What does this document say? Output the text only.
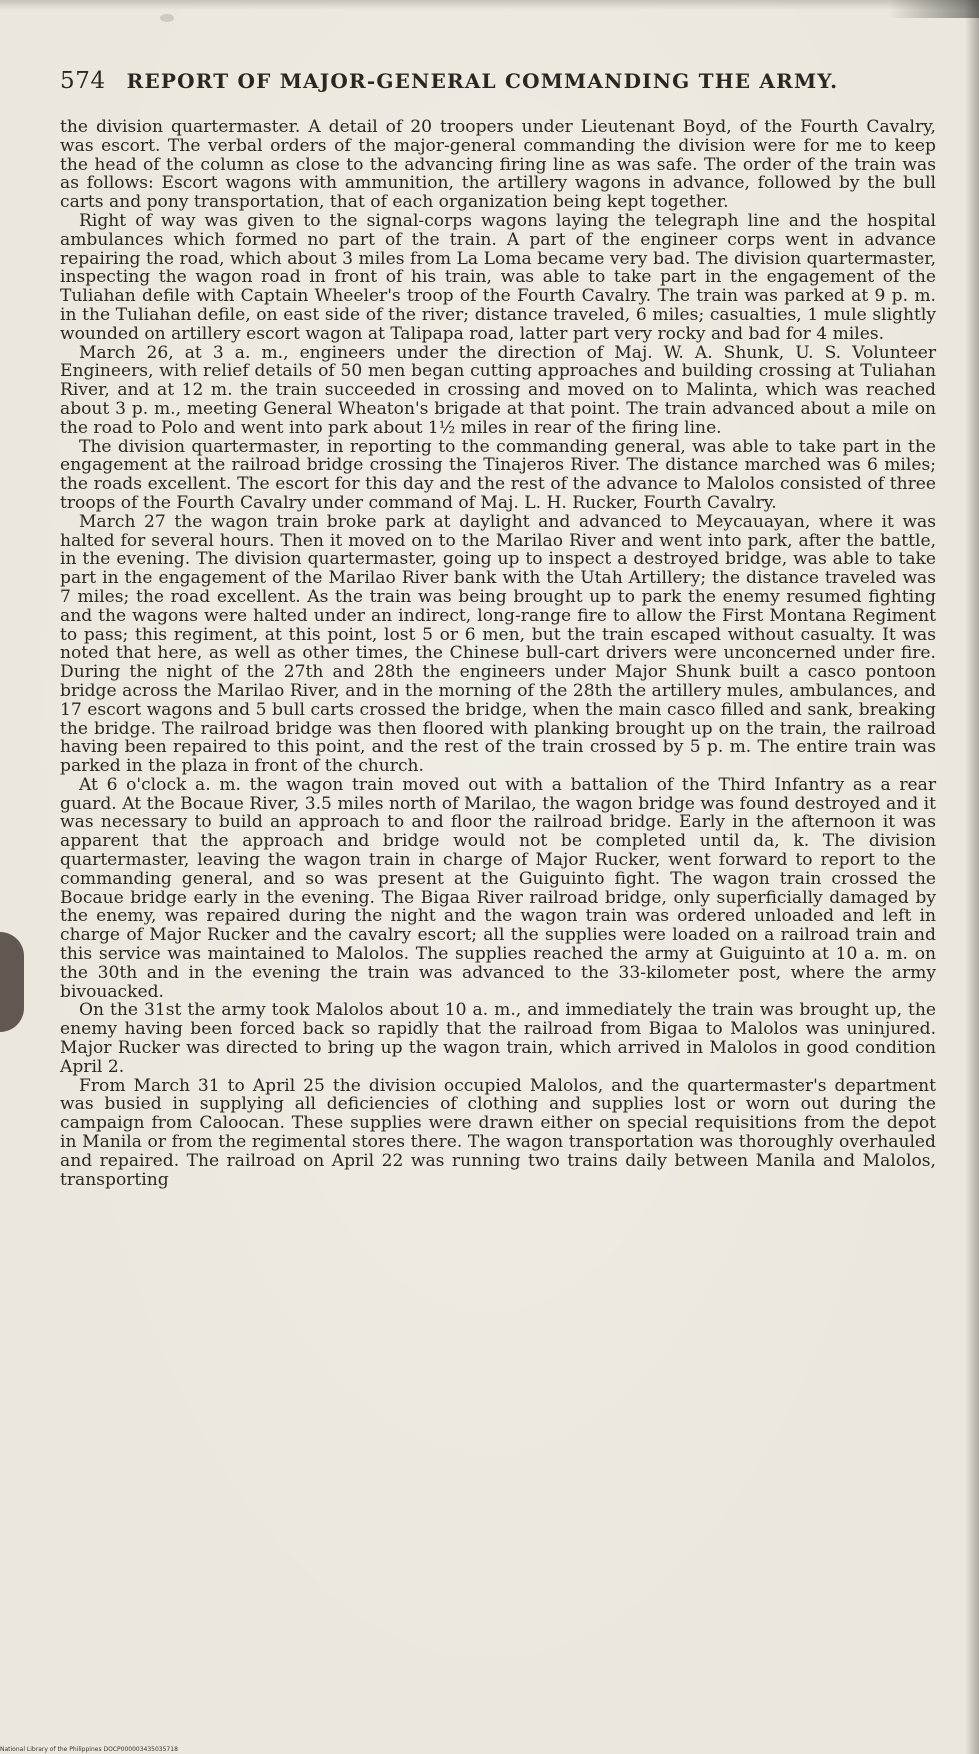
574 REPORT OF MAJOR-GENERAL COMMANDING THE ARMY.

the division quartermaster. A detail of 20 troopers under Lieutenant Boyd, of the Fourth Cavalry, was escort. The verbal orders of the major-general commanding the division were for me to keep the head of the column as close to the advancing firing line as was safe. The order of the train was as follows: Escort wagons with ammunition, the artillery wagons in advance, followed by the bull carts and pony transportation, that of each organization being kept together.

Right of way was given to the signal-corps wagons laying the telegraph line and the hospital ambulances which formed no part of the train. A part of the engineer corps went in advance repairing the road, which about 3 miles from La Loma became very bad. The division quartermaster, inspecting the wagon road in front of his train, was able to take part in the engagement of the Tuliahan defile with Captain Wheeler's troop of the Fourth Cavalry. The train was parked at 9 p. m. in the Tuliahan defile, on east side of the river; distance traveled, 6 miles; casualties, 1 mule slightly wounded on artillery escort wagon at Talipapa road, latter part very rocky and bad for 4 miles.

March 26, at 3 a. m., engineers under the direction of Maj. W. A. Shunk, U. S. Volunteer Engineers, with relief details of 50 men began cutting approaches and building crossing at Tuliahan River, and at 12 m. the train succeeded in crossing and moved on to Malinta, which was reached about 3 p. m., meeting General Wheaton's brigade at that point. The train advanced about a mile on the road to Polo and went into park about 1½ miles in rear of the firing line.

The division quartermaster, in reporting to the commanding general, was able to take part in the engagement at the railroad bridge crossing the Tinajeros River. The distance marched was 6 miles; the roads excellent. The escort for this day and the rest of the advance to Malolos consisted of three troops of the Fourth Cavalry under command of Maj. L. H. Rucker, Fourth Cavalry.

March 27 the wagon train broke park at daylight and advanced to Meycauayan, where it was halted for several hours. Then it moved on to the Marilao River and went into park, after the battle, in the evening. The division quartermaster, going up to inspect a destroyed bridge, was able to take part in the engagement of the Marilao River bank with the Utah Artillery; the distance traveled was 7 miles; the road excellent. As the train was being brought up to park the enemy resumed fighting and the wagons were halted under an indirect, long-range fire to allow the First Montana Regiment to pass; this regiment, at this point, lost 5 or 6 men, but the train escaped without casualty. It was noted that here, as well as other times, the Chinese bull-cart drivers were unconcerned under fire. During the night of the 27th and 28th the engineers under Major Shunk built a casco pontoon bridge across the Marilao River, and in the morning of the 28th the artillery mules, ambulances, and 17 escort wagons and 5 bull carts crossed the bridge, when the main casco filled and sank, breaking the bridge. The railroad bridge was then floored with planking brought up on the train, the railroad having been repaired to this point, and the rest of the train crossed by 5 p. m. The entire train was parked in the plaza in front of the church.

At 6 o'clock a. m. the wagon train moved out with a battalion of the Third Infantry as a rear guard. At the Bocaue River, 3.5 miles north of Marilao, the wagon bridge was found destroyed and it was necessary to build an approach to and floor the railroad bridge. Early in the afternoon it was apparent that the approach and bridge would not be completed until da, k. The division quartermaster, leaving the wagon train in charge of Major Rucker, went forward to report to the commanding general, and so was present at the Guiguinto fight. The wagon train crossed the Bocaue bridge early in the evening. The Bigaa River railroad bridge, only superficially damaged by the enemy, was repaired during the night and the wagon train was ordered unloaded and left in charge of Major Rucker and the cavalry escort; all the supplies were loaded on a railroad train and this service was maintained to Malolos. The supplies reached the army at Guiguinto at 10 a. m. on the 30th and in the evening the train was advanced to the 33-kilometer post, where the army bivouacked.

On the 31st the army took Malolos about 10 a. m., and immediately the train was brought up, the enemy having been forced back so rapidly that the railroad from Bigaa to Malolos was uninjured. Major Rucker was directed to bring up the wagon train, which arrived in Malolos in good condition April 2.

From March 31 to April 25 the division occupied Malolos, and the quartermaster's department was busied in supplying all deficiencies of clothing and supplies lost or worn out during the campaign from Caloocan. These supplies were drawn either on special requisitions from the depot in Manila or from the regimental stores there. The wagon transportation was thoroughly overhauled and repaired. The railroad on April 22 was running two trains daily between Manila and Malolos, transporting

National Library of the Philippines DOCP000003435035718
